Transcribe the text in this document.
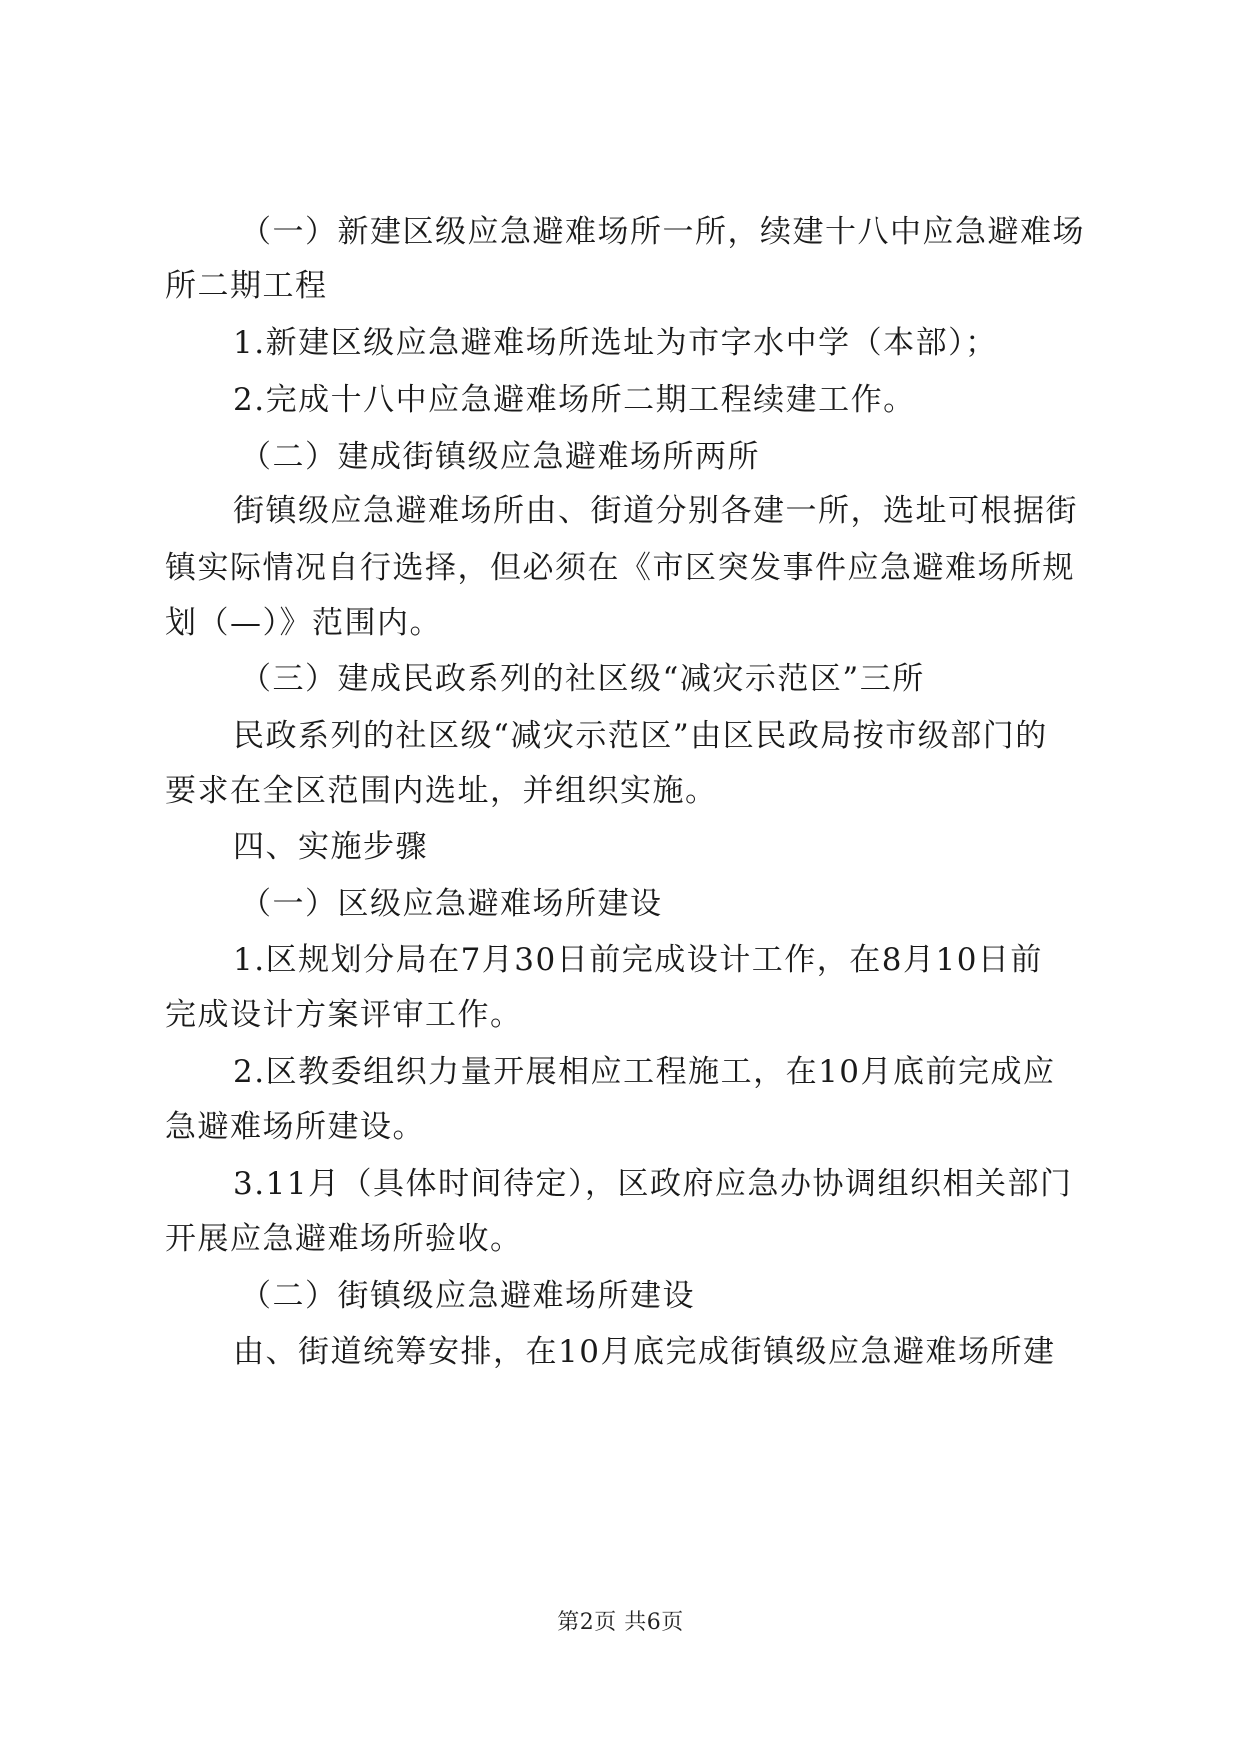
（一）新建区级应急避难场所一所，续建十八中应急避难场
所二期工程
1.新建区级应急避难场所选址为市字水中学（本部）；
2.完成十八中应急避难场所二期工程续建工作。
（二）建成街镇级应急避难场所两所
街镇级应急避难场所由、街道分别各建一所，选址可根据街
镇实际情况自行选择，但必须在《市区突发事件应急避难场所规
划（—）》范围内。
（三）建成民政系列的社区级“减灾示范区”三所
民政系列的社区级“减灾示范区”由区民政局按市级部门的
要求在全区范围内选址，并组织实施。
四、实施步骤
（一）区级应急避难场所建设
1.区规划分局在7月30日前完成设计工作，在8月10日前
完成设计方案评审工作。
2.区教委组织力量开展相应工程施工，在10月底前完成应
急避难场所建设。
3.11月（具体时间待定），区政府应急办协调组织相关部门
开展应急避难场所验收。
（二）街镇级应急避难场所建设
由、街道统筹安排，在10月底完成街镇级应急避难场所建
第2页 共6页
